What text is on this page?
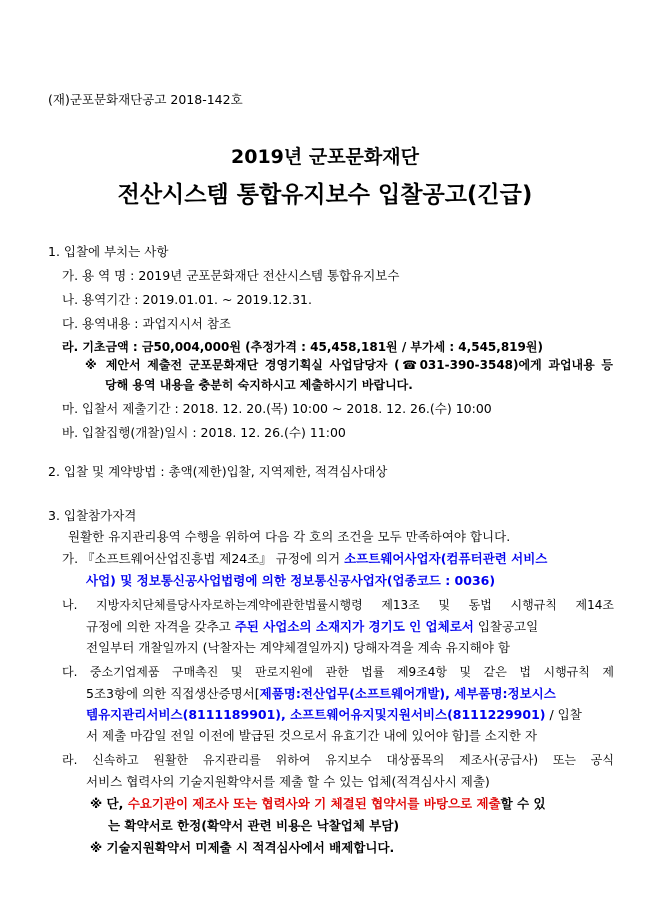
(재)군포문화재단공고 2018-142호
2019년 군포문화재단
전산시스템 통합유지보수 입찰공고(긴급)
1. 입찰에 부치는 사항
가. 용 역 명 : 2019년 군포문화재단 전산시스템 통합유지보수
나. 용역기간 : 2019.01.01. ~ 2019.12.31.
다. 용역내용 : 과업지시서 참조
라. 기초금액 : 금50,004,000원 (추정가격 : 45,458,181원 / 부가세 : 4,545,819원)
※ 제안서 제출전 군포문화재단 경영기획실 사업담당자 (☎031-390-3548)에게 과업내용 등
당해 용역 내용을 충분히 숙지하시고 제출하시기 바랍니다.
마. 입찰서 제출기간 : 2018. 12. 20.(목) 10:00 ~ 2018. 12. 26.(수) 10:00
바. 입찰집행(개찰)일시 : 2018. 12. 26.(수) 11:00
2. 입찰 및 계약방법 : 총액(제한)입찰, 지역제한, 적격심사대상
3. 입찰참가자격
원활한 유지관리용역 수행을 위하여 다음 각 호의 조건을 모두 만족하여야 합니다.
가. 『소프트웨어산업진흥법 제24조』 규정에 의거 소프트웨어사업자(컴퓨터관련 서비스
사업) 및 정보통신공사업법령에 의한 정보통신공사업자(업종코드 : 0036)
나. 지방자치단체를당사자로하는계약에관한법률시행령 제13조 및 동법 시행규칙 제14조
규정에 의한 자격을 갖추고 주된 사업소의 소재지가 경기도 인 업체로서 입찰공고일
전일부터 개찰일까지 (낙찰자는 계약체결일까지) 당해자격을 계속 유지해야 함
다. 중소기업제품 구매촉진 및 판로지원에 관한 법률 제9조4항 및 같은 법 시행규칙 제
5조3항에 의한 직접생산증명서[제품명:전산업무(소프트웨어개발), 세부품명:정보시스
템유지관리서비스(8111189901), 소프트웨어유지및지원서비스(8111229901) / 입찰
서 제출 마감일 전일 이전에 발급된 것으로서 유효기간 내에 있어야 함]를 소지한 자
라. 신속하고 원활한 유지관리를 위하여 유지보수 대상품목의 제조사(공급사) 또는 공식
서비스 협력사의 기술지원확약서를 제출 할 수 있는 업체(적격심사시 제출)
※ 단, 수요기관이 제조사 또는 협력사와 기 체결된 협약서를 바탕으로 제출할 수 있
는 확약서로 한정(확약서 관련 비용은 낙찰업체 부담)
※ 기술지원확약서 미제출 시 적격심사에서 배제합니다.
